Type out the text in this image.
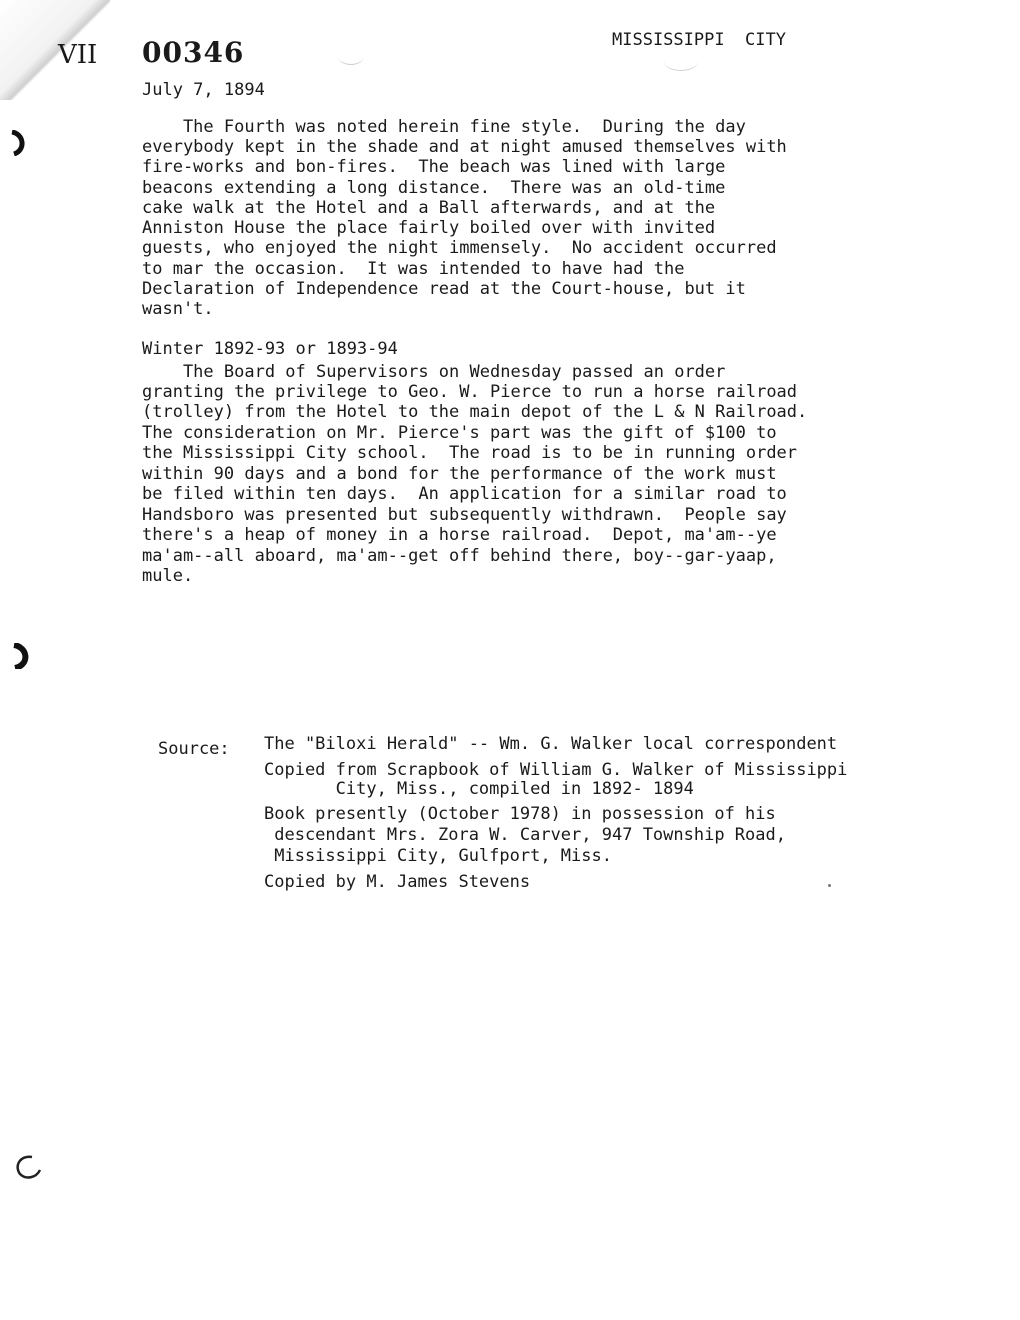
VII 00346	MISSISSIPPI  CITY
July 7, 1894
The Fourth was noted herein fine style.  During the day
everybody kept in the shade and at night amused themselves with
fire-works and bon-fires.  The beach was lined with large
beacons extending a long distance.  There was an old-time
cake walk at the Hotel and a Ball afterwards, and at the
Anniston House the place fairly boiled over with invited
guests, who enjoyed the night immensely.  No accident occurred
to mar the occasion.  It was intended to have had the
Declaration of Independence read at the Court-house, but it
wasn't.
Winter 1892-93 or 1893-94
The Board of Supervisors on Wednesday passed an order
granting the privilege to Geo. W. Pierce to run a horse railroad
(trolley) from the Hotel to the main depot of the L & N Railroad.
The consideration on Mr. Pierce's part was the gift of $100 to
the Mississippi City school.  The road is to be in running order
within 90 days and a bond for the performance of the work must
be filed within ten days.  An application for a similar road to
Handsboro was presented but subsequently withdrawn.  People say
there's a heap of money in a horse railroad.  Depot, ma'am--ye
ma'am--all aboard, ma'am--get off behind there, boy--gar-yaap,
mule.
Source: The "Biloxi Herald" -- Wm. G. Walker local correspondent
Copied from Scrapbook of William G. Walker of Mississippi
City, Miss., compiled in 1892- 1894
Book presently (October 1978) in possession of his
descendant Mrs. Zora W. Carver, 947 Township Road,
Mississippi City, Gulfport, Miss.
Copied by M. James Stevens
